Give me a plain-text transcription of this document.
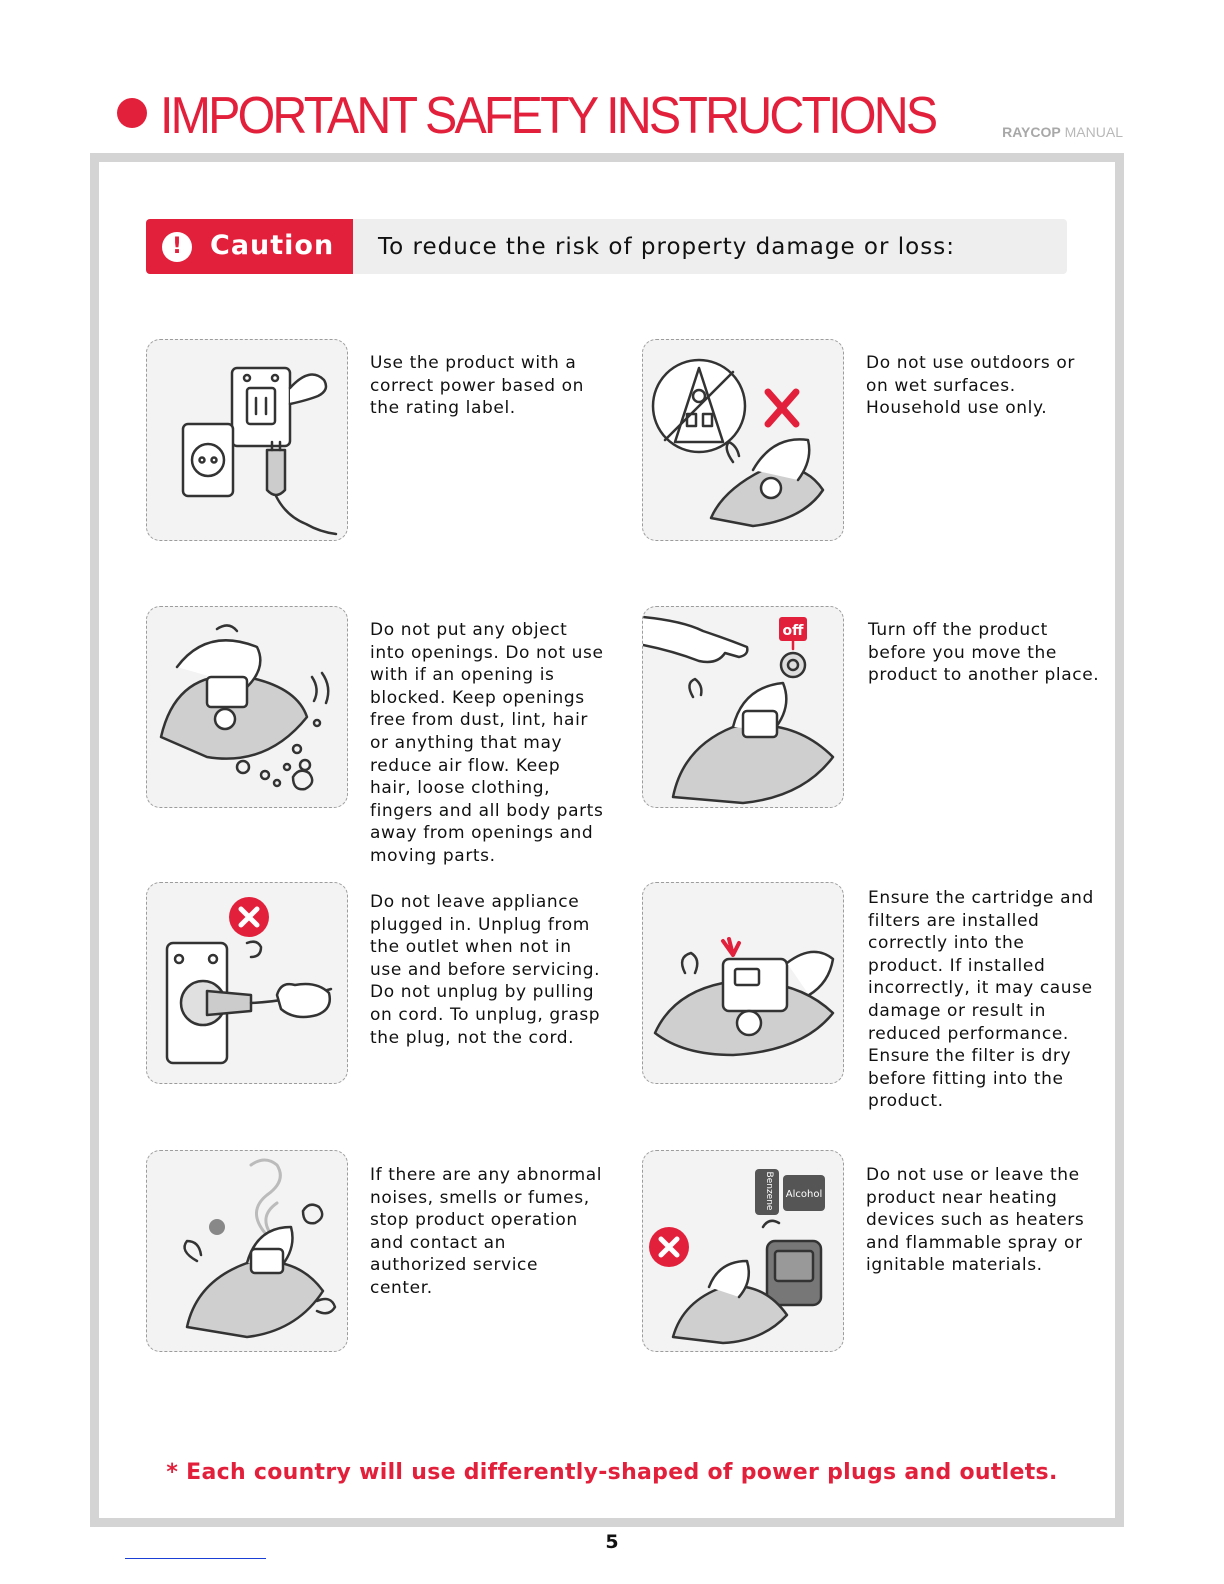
IMPORTANT SAFETY INSTRUCTIONS	RAYCOP MANUAL
!	Caution To reduce the risk of property damage or loss:

Use the product with a correct power based on the rating label.

Do not use outdoors or on wet surfaces. Household use only.

Do not put any object into openings. Do not use with if an opening is blocked. Keep openings free from dust, lint, hair or anything that may reduce air flow. Keep hair, loose clothing, fingers and all body parts away from openings and moving parts.

off	Turn off the product before you move the product to another place.

Do not leave appliance plugged in. Unplug from the outlet when not in use and before servicing. Do not unplug by pulling on cord. To unplug, grasp the plug, not the cord.

Ensure the cartridge and filters are installed correctly into the product. If installed incorrectly, it may cause damage or result in reduced performance. Ensure the filter is dry before fitting into the product.

If there are any abnormal noises, smells or fumes, stop product operation and contact an authorized service center.

Benzene Alcohol

Do not use or leave the product near heating devices such as heaters and flammable spray or ignitable materials.

* Each country will use differently-shaped of power plugs and outlets.
5
